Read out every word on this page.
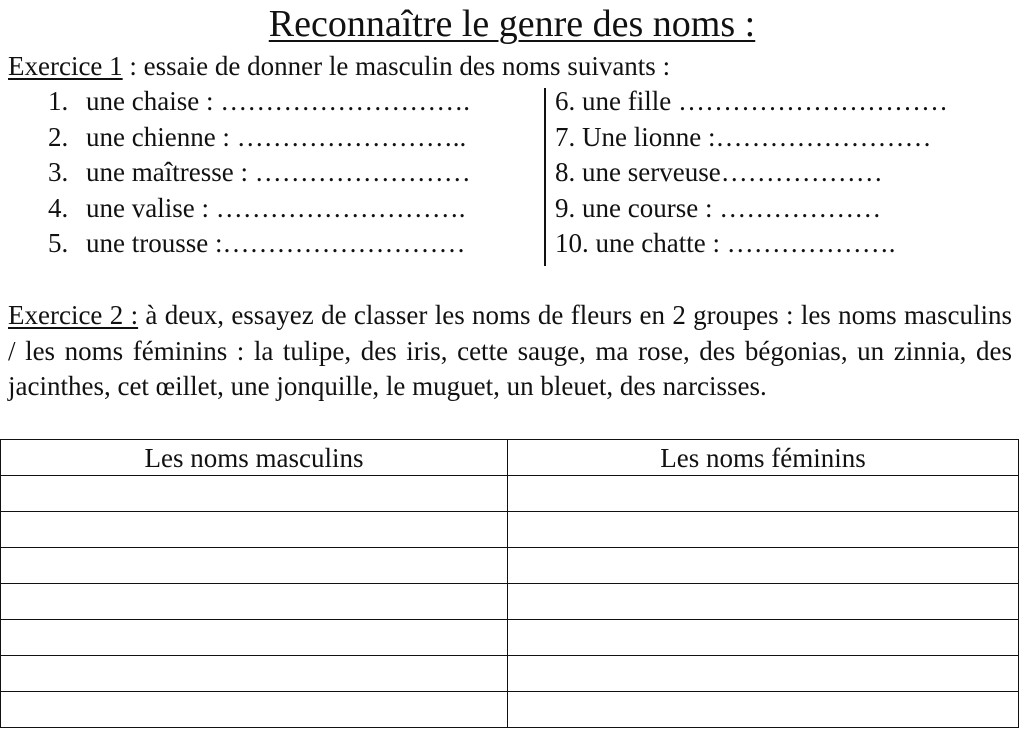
Reconnaître le genre des noms :
Exercice 1 : essaie de donner le masculin des noms suivants :
1. une chaise : ……………………….
2. une chienne : ……………………..
3. une maîtresse : ……………………
4. une valise : ……………………….
5. une trousse :………………………
6. une fille …………………………
7. Une lionne :……………………
8. une serveuse………………
9. une course : ………………
10. une chatte : ……………….
Exercice 2 : à deux, essayez de classer les noms de fleurs en 2 groupes : les noms masculins / les noms féminins : la tulipe, des iris, cette sauge, ma rose, des bégonias, un zinnia, des jacinthes, cet œillet, une jonquille, le muguet, un bleuet, des narcisses.
Les noms masculins	Les noms féminins
